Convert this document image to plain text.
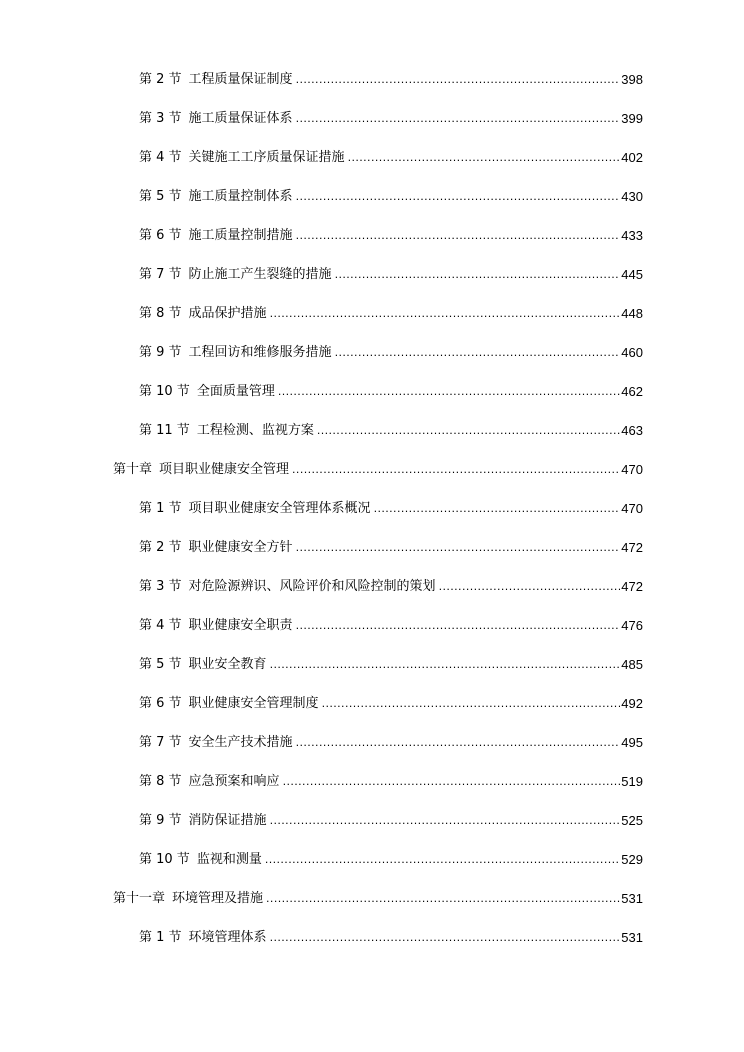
第 2 节 工程质量保证制度 .....	398
第 3 节 施工质量保证体系 .....	399
第 4 节 关键施工工序质量保证措施 .....	402
第 5 节 施工质量控制体系 .....	430
第 6 节 施工质量控制措施 .....	433
第 7 节 防止施工产生裂缝的措施 .....	445
第 8 节 成品保护措施 .....	448
第 9 节 工程回访和维修服务措施 .....	460
第 10 节 全面质量管理 .....	462
第 11 节 工程检测、监视方案 .....	463
第十章 项目职业健康安全管理 .....	470
第 1 节 项目职业健康安全管理体系概况 .....	470
第 2 节 职业健康安全方针 .....	472
第 3 节 对危险源辨识、风险评价和风险控制的策划 .....	472
第 4 节 职业健康安全职责 .....	476
第 5 节 职业安全教育 .....	485
第 6 节 职业健康安全管理制度 .....	492
第 7 节 安全生产技术措施 .....	495
第 8 节 应急预案和响应 .....	519
第 9 节 消防保证措施 .....	525
第 10 节 监视和测量 .....	529
第十一章 环境管理及措施 .....	531
第 1 节 环境管理体系 .....	531
